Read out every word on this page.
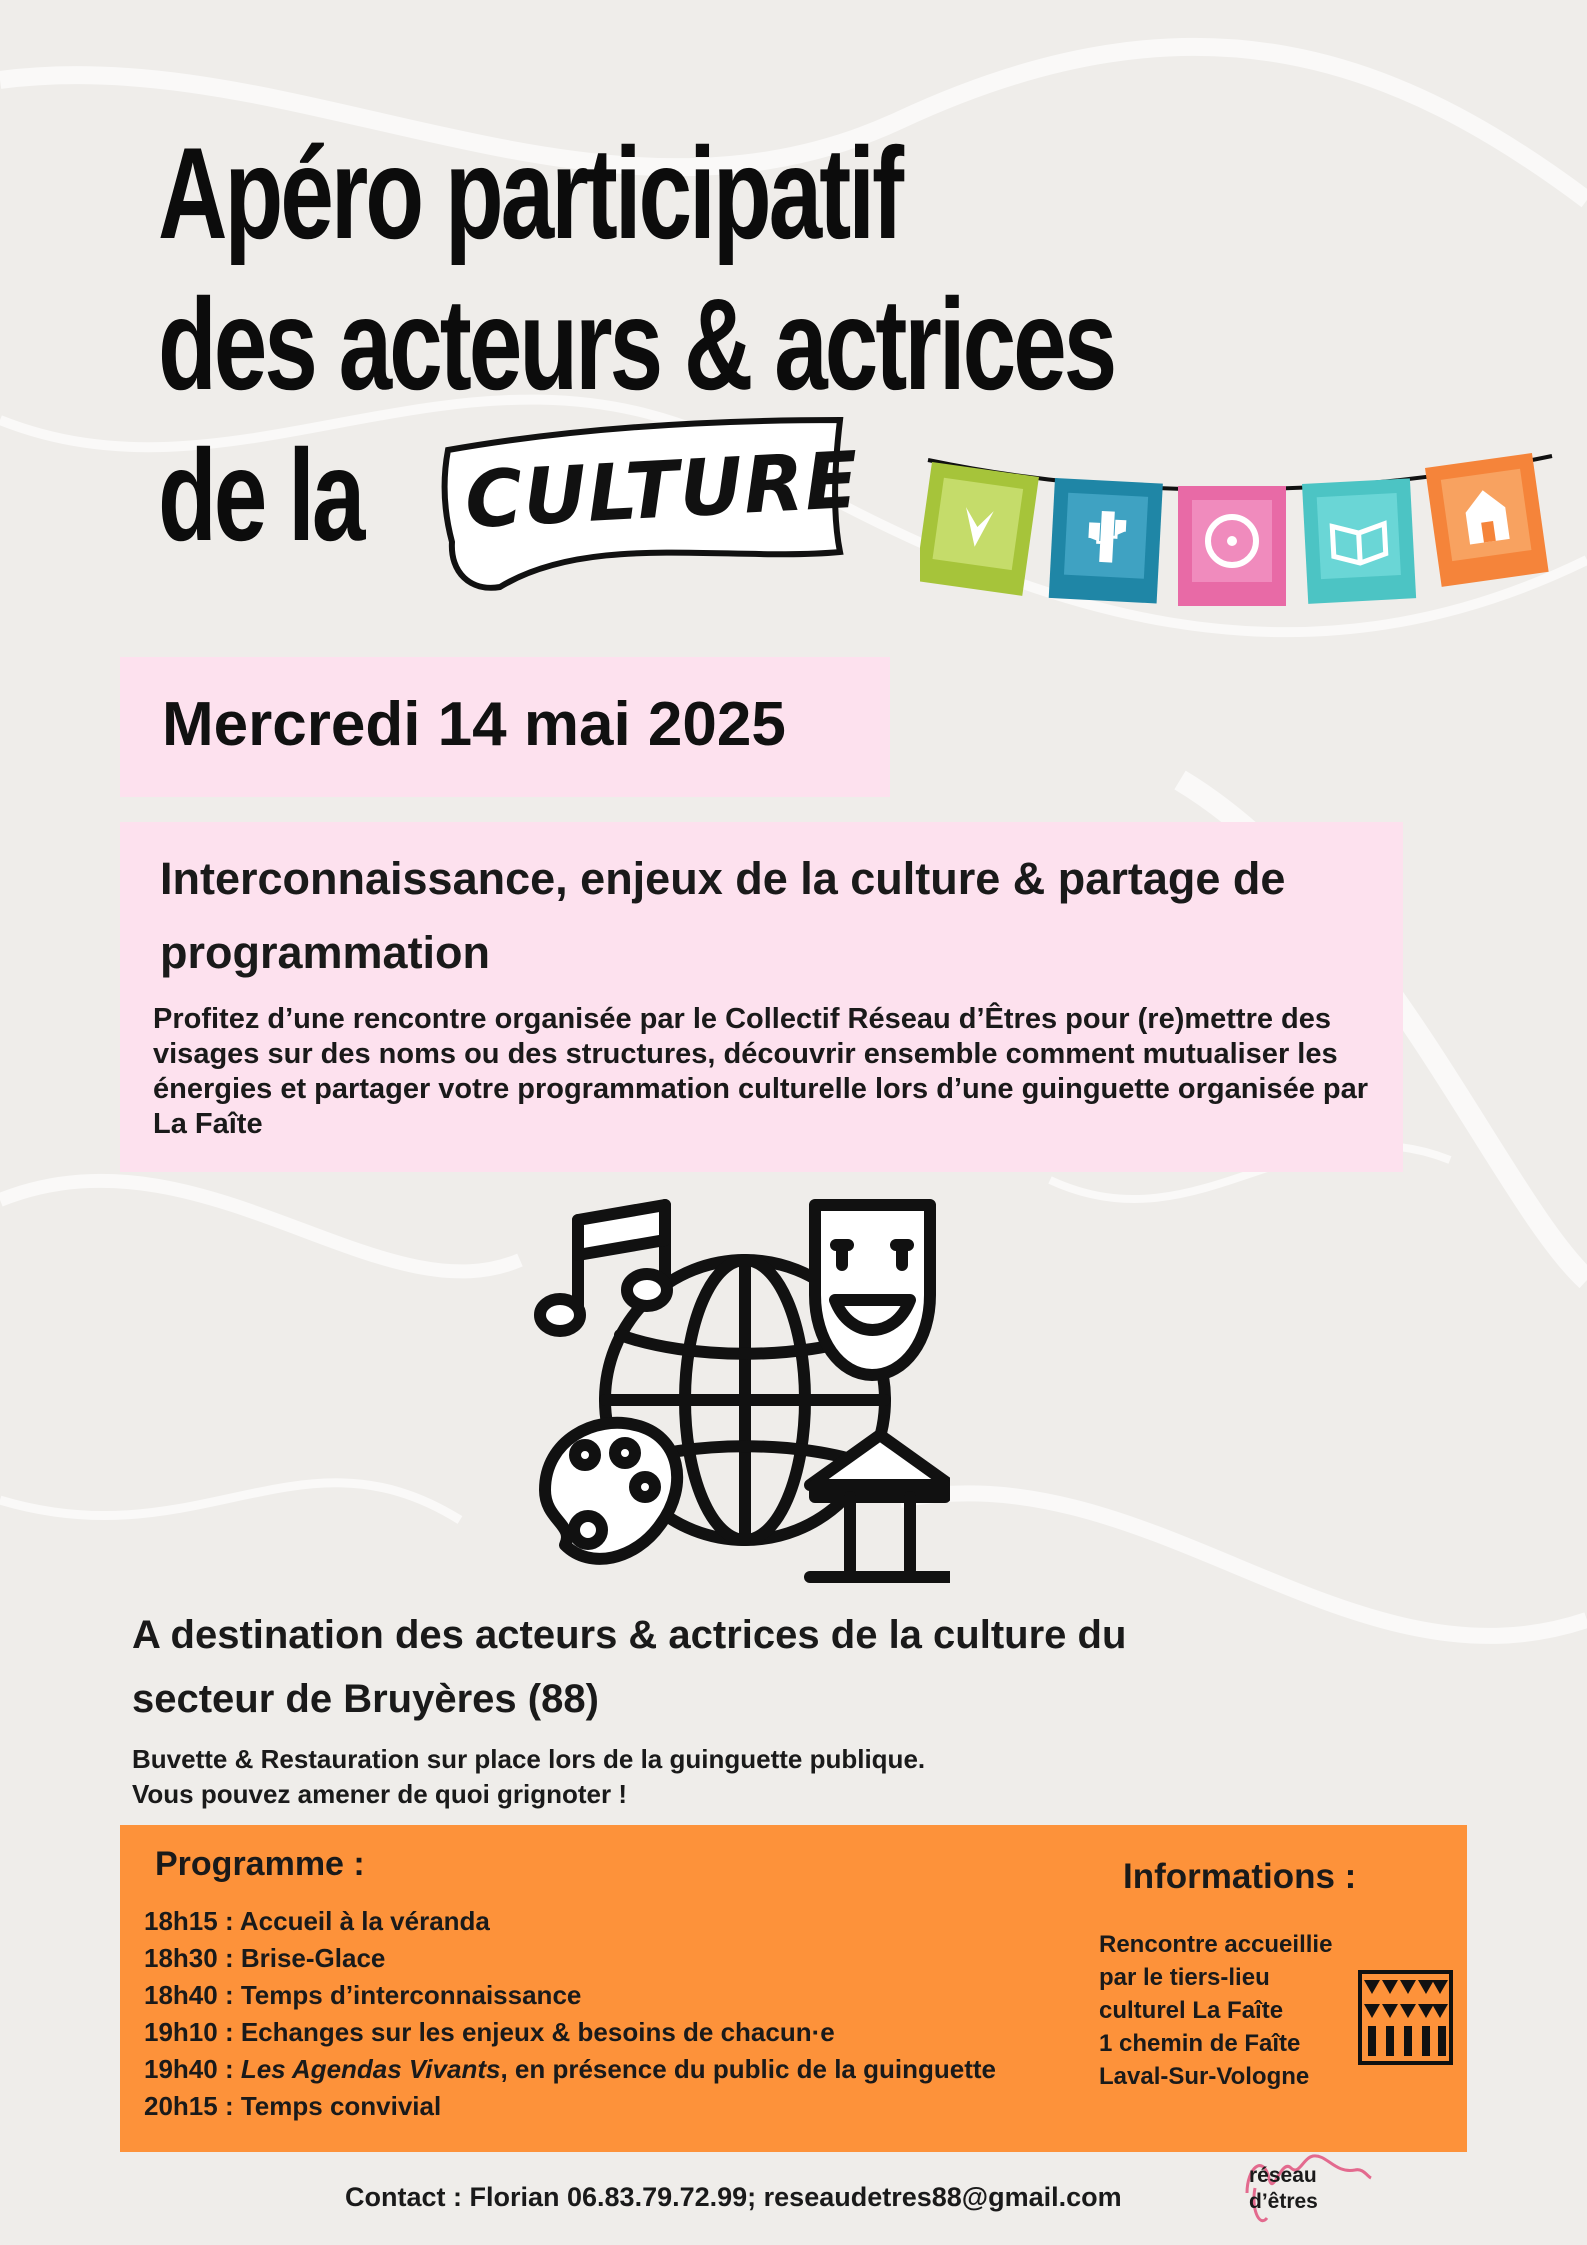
Apéro participatif
des acteurs & actrices
de la	CULTURE
Mercredi 14 mai 2025
Interconnaissance, enjeux de la culture & partage de programmation
Profitez d’une rencontre organisée par le Collectif Réseau d’Êtres pour (re)mettre des visages sur des noms ou des structures, découvrir ensemble comment mutualiser les énergies et partager votre programmation culturelle lors d’une guinguette organisée par La Faîte
A destination des acteurs & actrices de la culture du secteur de Bruyères (88)
Buvette & Restauration sur place lors de la guinguette publique.
Vous pouvez amener de quoi grignoter !
Programme :
18h15 : Accueil à la véranda
18h30 : Brise-Glace
18h40 : Temps d’interconnaissance
19h10 : Echanges sur les enjeux & besoins de chacun·e
19h40 : Les Agendas Vivants, en présence du public de la guinguette
20h15 : Temps convivial
Informations :
Rencontre accueillie
par le tiers-lieu
culturel La Faîte
1 chemin de Faîte
Laval-Sur-Vologne
Contact : Florian 06.83.79.72.99; reseaudetres88@gmail.com
réseau
d’êtres
